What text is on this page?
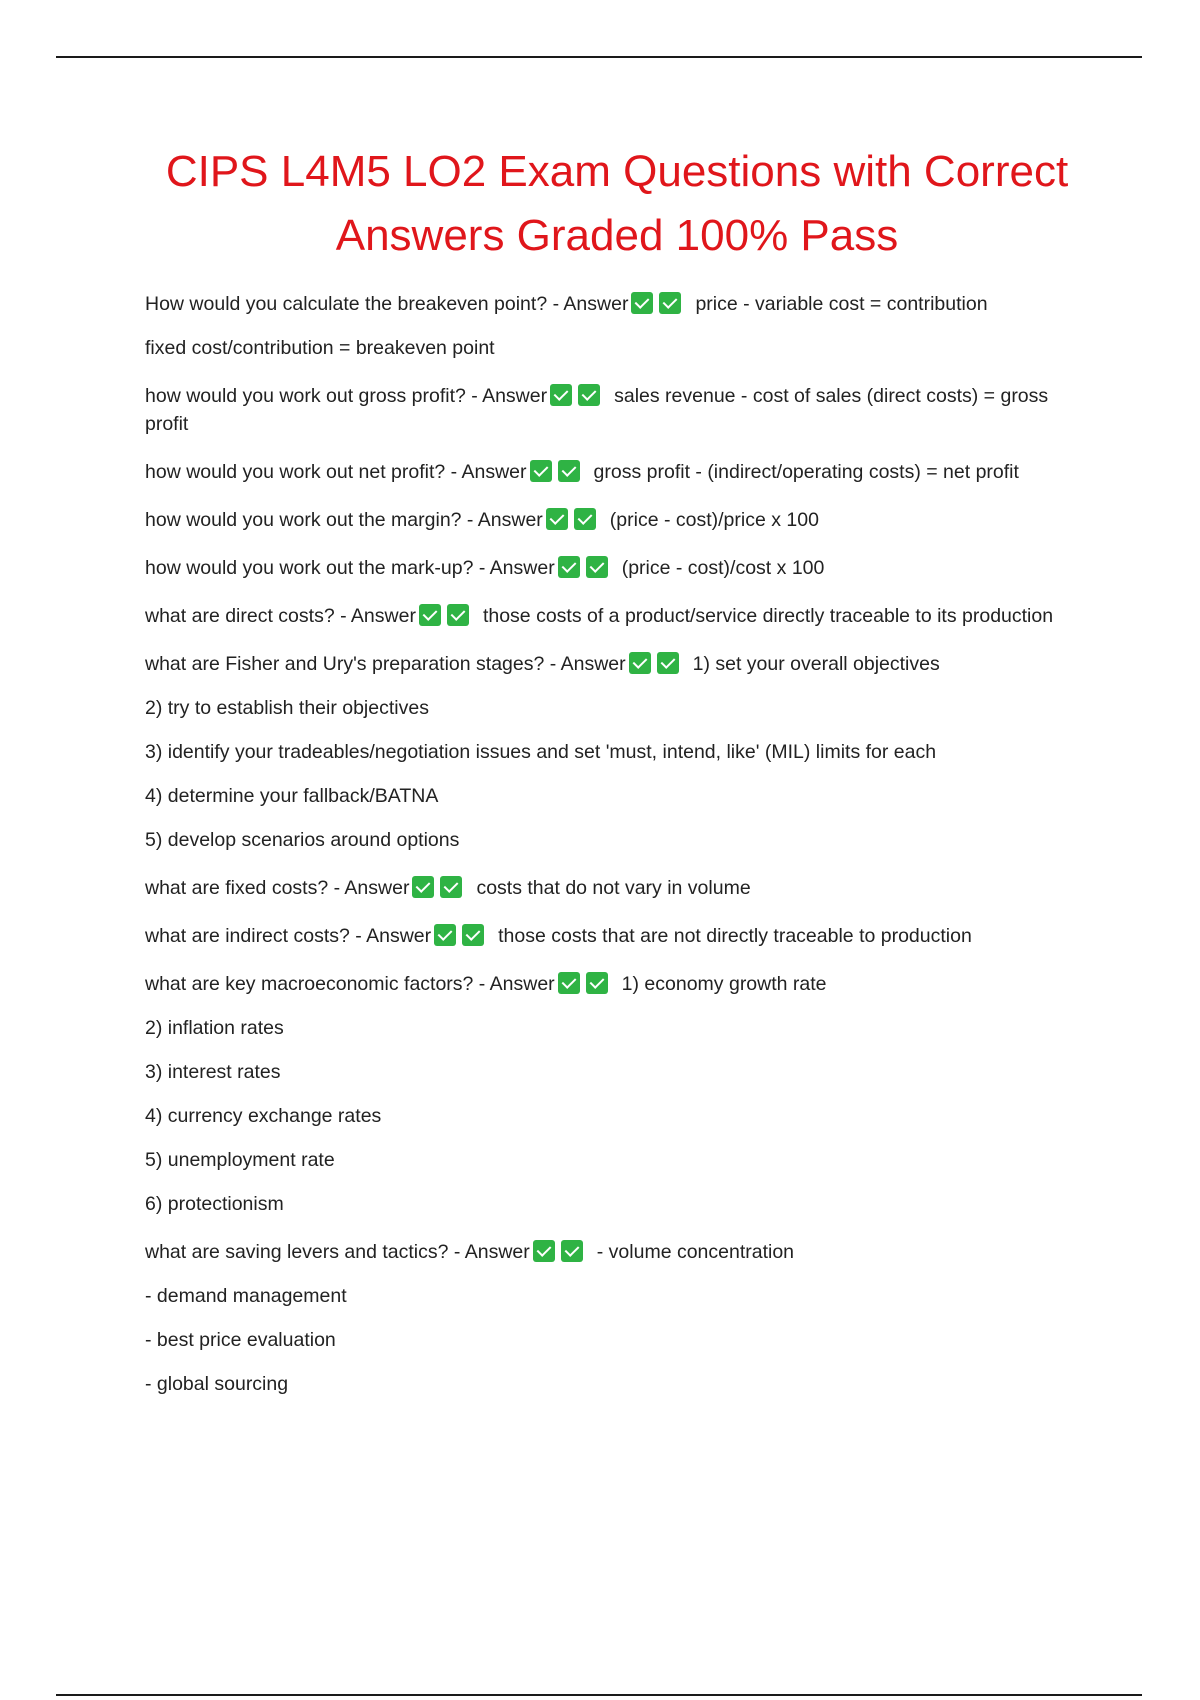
CIPS L4M5 LO2 Exam Questions with Correct
Answers Graded 100% Pass

How would you calculate the breakeven point? - Answer	price - variable cost = contribution

fixed cost/contribution = breakeven point

how would you work out gross profit? - Answer	sales revenue - cost of sales (direct costs) = gross profit

how would you work out net profit? - Answer	gross profit - (indirect/operating costs) = net profit

how would you work out the margin? - Answer	(price - cost)/price x 100

how would you work out the mark-up? - Answer	(price - cost)/cost x 100

what are direct costs? - Answer	those costs of a product/service directly traceable to its production

what are Fisher and Ury's preparation stages? - Answer	1) set your overall objectives

2) try to establish their objectives

3) identify your tradeables/negotiation issues and set 'must, intend, like' (MIL) limits for each

4) determine your fallback/BATNA

5) develop scenarios around options

what are fixed costs? - Answer	costs that do not vary in volume

what are indirect costs? - Answer	those costs that are not directly traceable to production

what are key macroeconomic factors? - Answer	1) economy growth rate

2) inflation rates

3) interest rates

4) currency exchange rates

5) unemployment rate

6) protectionism

what are saving levers and tactics? - Answer	- volume concentration

- demand management

- best price evaluation

- global sourcing
